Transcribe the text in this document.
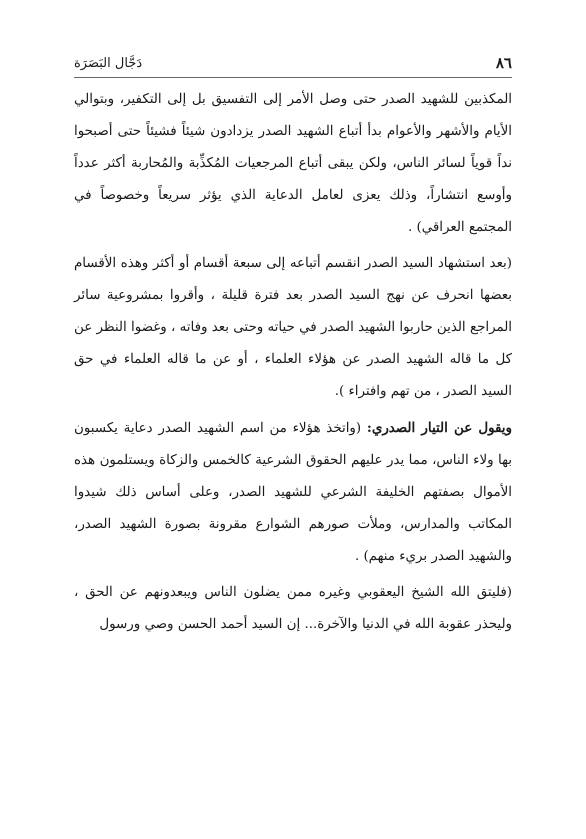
٨٦
دَجَّال البَصَرَة

المكذبين للشهيد الصدر حتى وصل الأمر إلى التفسيق بل إلى التكفير، وبتوالي الأيام والأشهر والأعوام بدأ أتباع الشهيد الصدر يزدادون شيئاً فشيئاً حتى أصبحوا نداً قوياً لسائر الناس، ولكن يبقى أتباع المرجعيات المُكذِّبة والمُحاربة أكثر عدداً وأوسع انتشاراً، وذلك يعزى لعامل الدعاية الذي يؤثر سريعاً وخصوصاً في المجتمع العراقي) .

(بعد استشهاد السيد الصدر انقسم أتباعه إلى سبعة أقسام أو أكثر وهذه الأقسام بعضها انحرف عن نهج السيد الصدر بعد فترة قليلة ، وأقروا بمشروعية سائر المراجع الذين حاربوا الشهيد الصدر في حياته وحتى بعد وفاته ، وغضوا النظر عن كل ما قاله الشهيد الصدر عن هؤلاء العلماء ، أو عن ما قاله العلماء في حق السيد الصدر ، من تهم وافتراء ).

ويقول عن التيار الصدري: (واتخذ هؤلاء من اسم الشهيد الصدر دعاية يكسبون بها ولاء الناس، مما يدر عليهم الحقوق الشرعية كالخمس والزكاة ويستلمون هذه الأموال بصفتهم الخليفة الشرعي للشهيد الصدر، وعلى أساس ذلك شيدوا المكاتب والمدارس، وملأت صورهم الشوارع مقرونة بصورة الشهيد الصدر، والشهيد الصدر بريء منهم) .

(فليتق الله الشيخ اليعقوبي وغيره ممن يضلون الناس ويبعدونهم عن الحق ، وليحذر عقوبة الله في الدنيا والآخرة... إن السيد أحمد الحسن وصي ورسول
